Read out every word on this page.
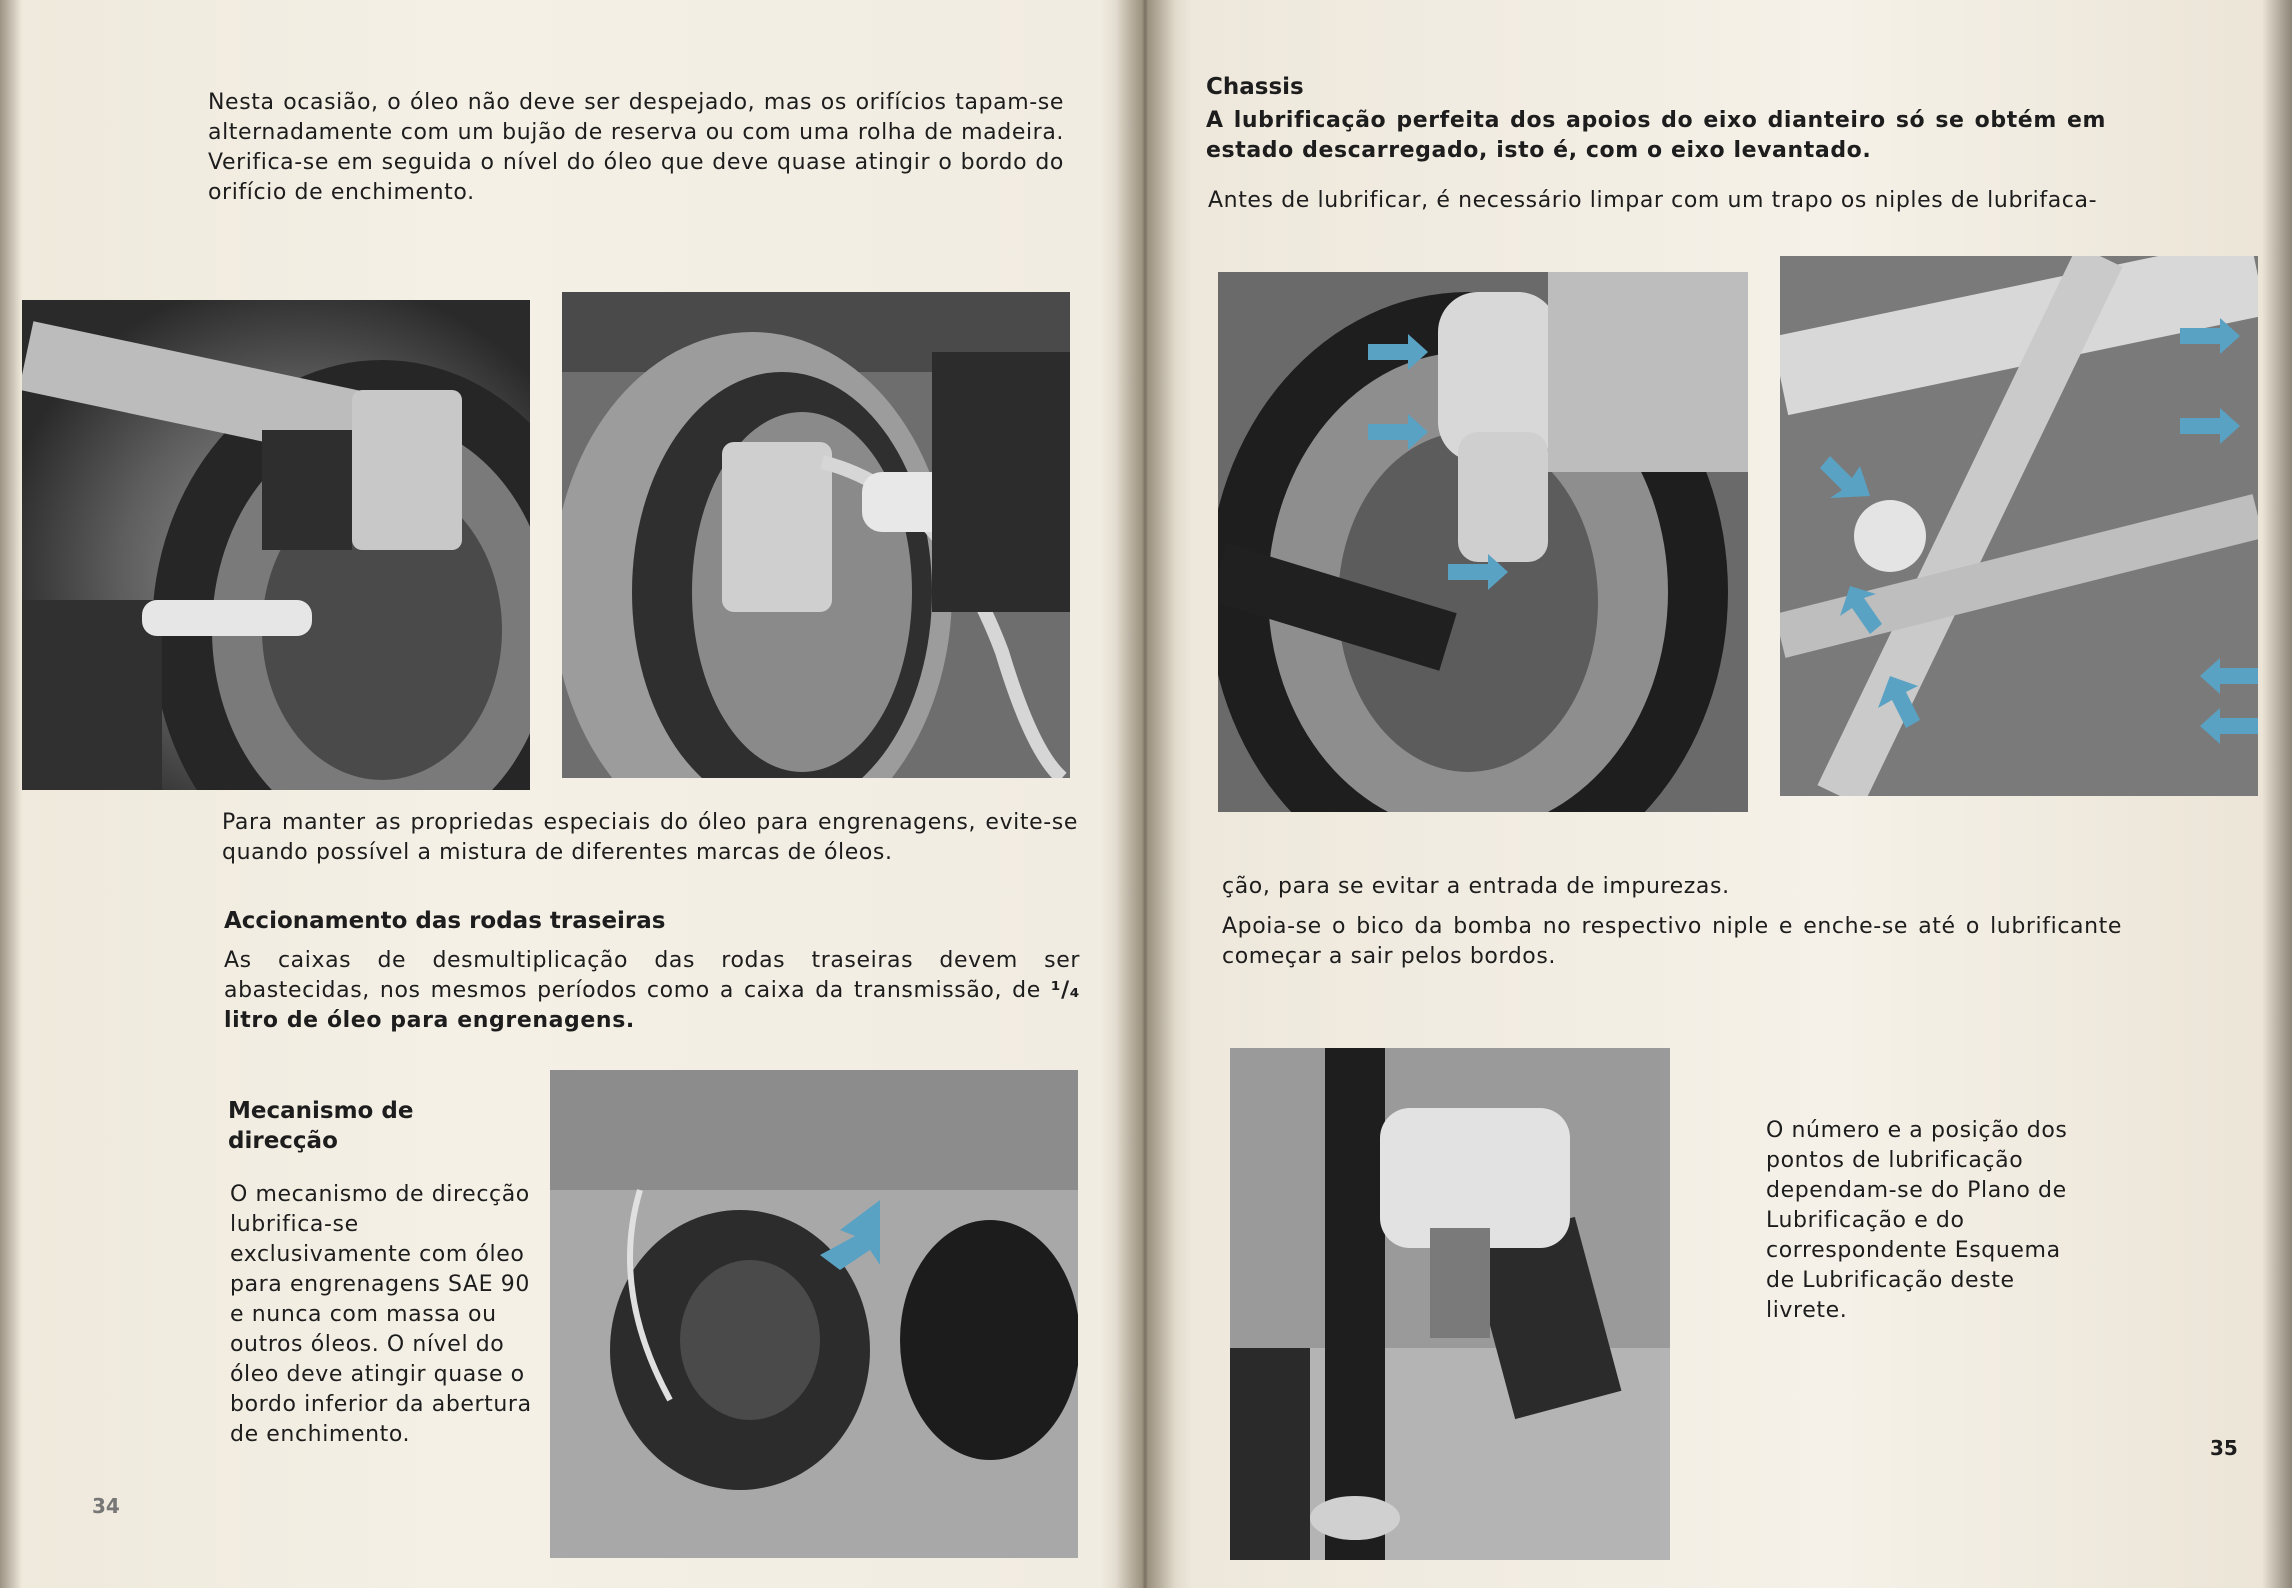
Nesta ocasião, o óleo não deve ser despejado, mas os orifícios tapam-se alternadamente com um bujão de reserva ou com uma rolha de madeira. Verifica-se em seguida o nível do óleo que deve quase atingir o bordo do orifício de enchimento.

Para manter as propriedas especiais do óleo para engrenagens, evite-se quando possível a mistura de diferentes marcas de óleos.

Accionamento das rodas traseiras

As caixas de desmultiplicação das rodas traseiras devem ser abastecidas, nos mesmos períodos como a caixa da transmissão, de ¹/₄ litro de óleo para engrenagens.

Mecanismo de
direcção

O mecanismo de direcção lubrifica-se exclusivamente com óleo para engrenagens SAE 90 e nunca com massa ou outros óleos. O nível do óleo deve atingir quase o bordo inferior da abertura de enchimento.

34
Chassis

A lubrificação perfeita dos apoios do eixo dianteiro só se obtém em estado descarregado, isto é, com o eixo levantado.

Antes de lubrificar, é necessário limpar com um trapo os niples de lubrifaca-

ção, para se evitar a entrada de impurezas.

Apoia-se o bico da bomba no respectivo niple e enche-se até o lubrificante começar a sair pelos bordos.

O número e a posição dos pontos de lubrificação dependam-se do Plano de Lubrificação e do correspondente Esquema de Lubrificação deste livrete.

35
